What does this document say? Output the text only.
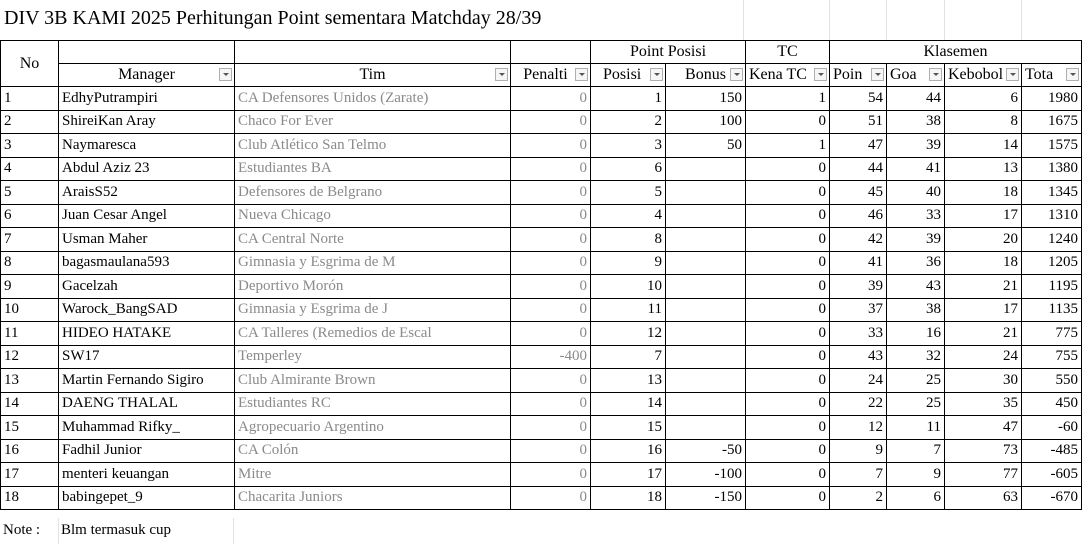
DIV 3B KAMI 2025 Perhitungan Point sementara Matchday 28/39
No				Point Posisi		TC	Klasemen			
	Manager	Tim	Penalti	Posisi	Bonus	Kena TC	Poin	Goa	Kebobol	Tota

1	EdhyPutrampiri	CA Defensores Unidos (Zarate)	0	1	150	1	54	44	6	1980
2	ShireiKan Aray	Chaco For Ever	0	2	100	0	51	38	8	1675
3	Naymaresca	Club Atlético San Telmo	0	3	50	1	47	39	14	1575
4	Abdul Aziz 23	Estudiantes BA	0	6		0	44	41	13	1380
5	AraisS52	Defensores de Belgrano	0	5		0	45	40	18	1345
6	Juan Cesar Angel	Nueva Chicago	0	4		0	46	33	17	1310
7	Usman Maher	CA Central Norte	0	8		0	42	39	20	1240
8	bagasmaulana593	Gimnasia y Esgrima de M	0	9		0	41	36	18	1205
9	Gacelzah	Deportivo Morón	0	10		0	39	43	21	1195
10	Warock_BangSAD	Gimnasia y Esgrima de J	0	11		0	37	38	17	1135
11	HIDEO HATAKE	CA Talleres (Remedios de Escal	0	12		0	33	16	21	775
12	SW17	Temperley	-400	7		0	43	32	24	755
13	Martin Fernando Sigiro	Club Almirante Brown	0	13		0	24	25	30	550
14	DAENG THALAL	Estudiantes RC	0	14		0	22	25	35	450
15	Muhammad Rifky_	Agropecuario Argentino	0	15		0	12	11	47	-60
16	Fadhil Junior	CA Colón	0	16	-50	0	9	7	73	-485
17	menteri keuangan	Mitre	0	17	-100	0	7	9	77	-605
18	babingepet_9	Chacarita Juniors	0	18	-150	0	2	6	63	-670
Note : Blm termasuk cup
